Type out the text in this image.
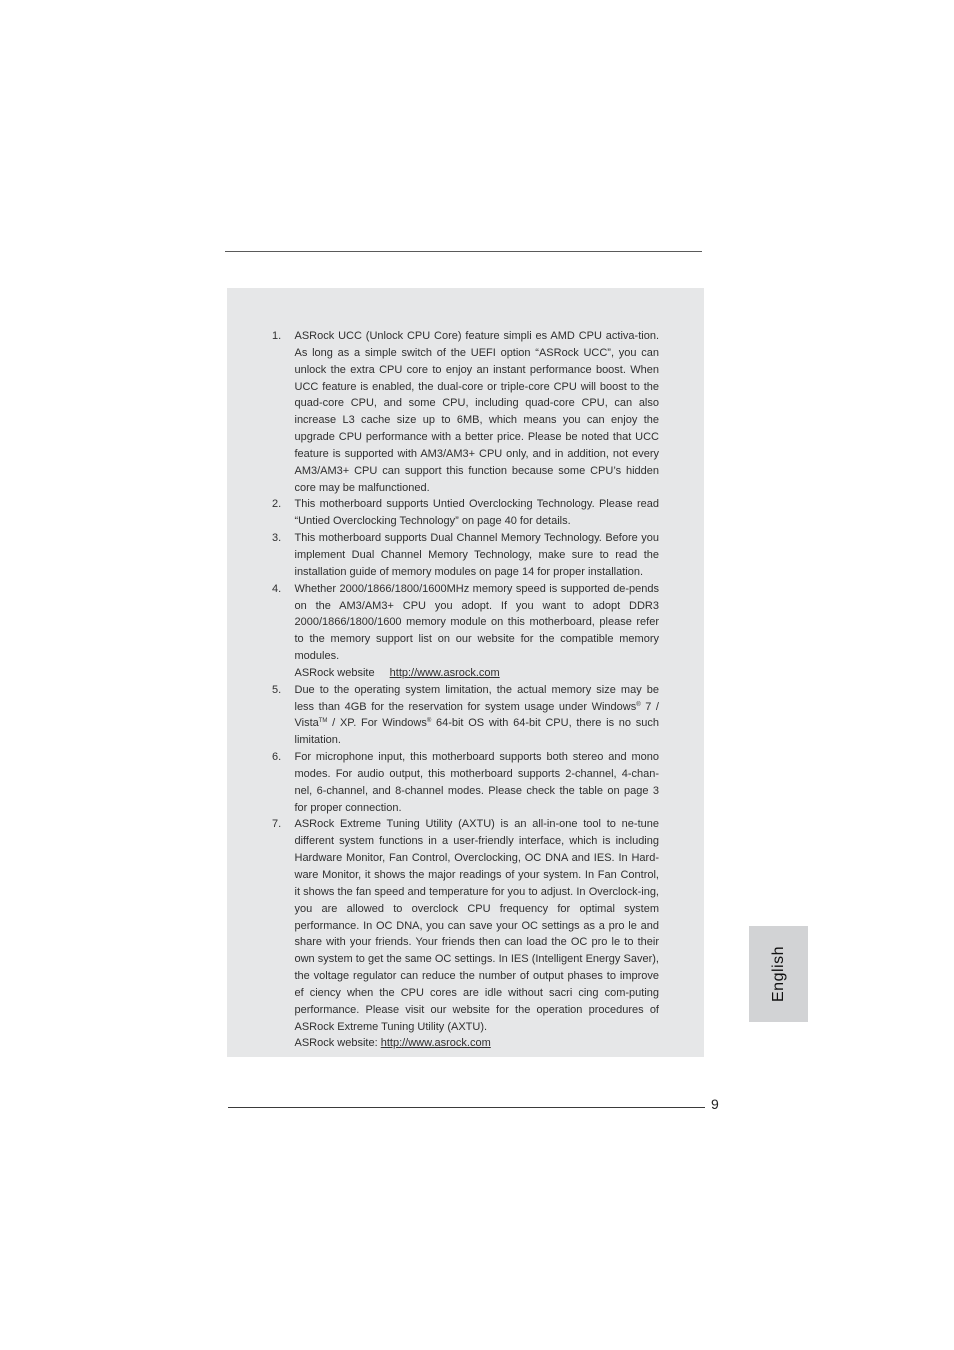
1. ASRock UCC (Unlock CPU Core) feature simpli es AMD CPU activa-tion. As long as a simple switch of the UEFI option “ASRock UCC”, you can unlock the extra CPU core to enjoy an instant performance boost. When UCC feature is enabled, the dual-core or triple-core CPU will boost to the quad-core CPU, and some CPU, including quad-core CPU, can also increase L3 cache size up to 6MB, which means you can enjoy the upgrade CPU performance with a better price. Please be noted that UCC feature is supported with AM3/AM3+ CPU only, and in addition, not every AM3/AM3+ CPU can support this function because some CPU’s hidden core may be malfunctioned.
2. This motherboard supports Untied Overclocking Technology. Please read “Untied Overclocking Technology” on page 40 for details.
3. This motherboard supports Dual Channel Memory Technology. Before you implement Dual Channel Memory Technology, make sure to read the installation guide of memory modules on page 14 for proper installation.
4. Whether 2000/1866/1800/1600MHz memory speed is supported de-pends on the AM3/AM3+ CPU you adopt. If you want to adopt DDR3 2000/1866/1800/1600 memory module on this motherboard, please refer to the memory support list on our website for the compatible memory modules.
ASRock website http://www.asrock.com
5. Due to the operating system limitation, the actual memory size may be less than 4GB for the reservation for system usage under Windows® 7 / Vista™ / XP. For Windows® 64-bit OS with 64-bit CPU, there is no such limitation.
6. For microphone input, this motherboard supports both stereo and mono modes. For audio output, this motherboard supports 2-channel, 4-chan-nel, 6-channel, and 8-channel modes. Please check the table on page 3 for proper connection.
7. ASRock Extreme Tuning Utility (AXTU) is an all-in-one tool to ne-tune different system functions in a user-friendly interface, which is including Hardware Monitor, Fan Control, Overclocking, OC DNA and IES. In Hard-ware Monitor, it shows the major readings of your system. In Fan Control, it shows the fan speed and temperature for you to adjust. In Overclock-ing, you are allowed to overclock CPU frequency for optimal system performance. In OC DNA, you can save your OC settings as a pro le and share with your friends. Your friends then can load the OC pro le to their own system to get the same OC settings. In IES (Intelligent Energy Saver), the voltage regulator can reduce the number of output phases to improve ef ciency when the CPU cores are idle without sacri cing com-puting performance. Please visit our website for the operation procedures of ASRock Extreme Tuning Utility (AXTU).
ASRock website: http://www.asrock.com
English
9
